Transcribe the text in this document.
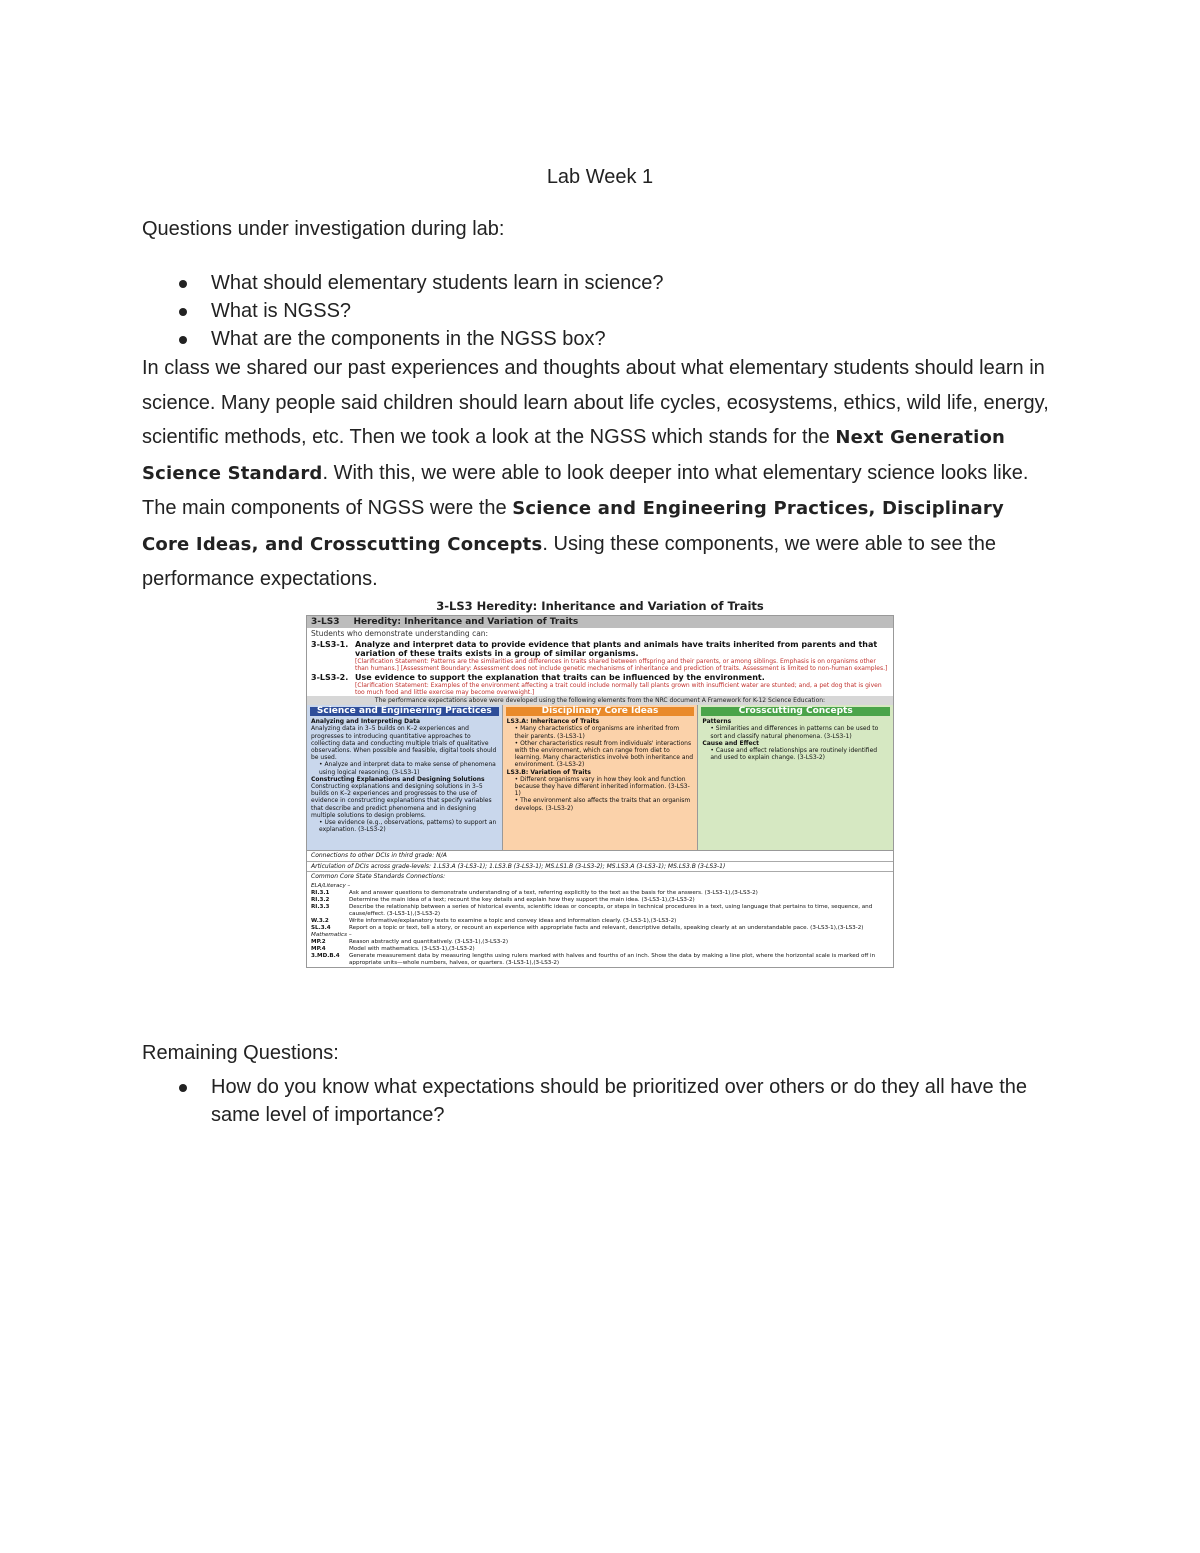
Lab Week 1
Questions under investigation during lab:
What should elementary students learn in science?
What is NGSS?
What are the components in the NGSS box?

In class we shared our past experiences and thoughts about what elementary students should learn in science. Many people said children should learn about life cycles, ecosystems, ethics, wild life, energy, scientific methods, etc. Then we took a look at the NGSS which stands for the Next Generation Science Standard. With this, we were able to look deeper into what elementary science looks like. The main components of NGSS were the Science and Engineering Practices, Disciplinary Core Ideas, and Crosscutting Concepts. Using these components, we were able to see the performance expectations.

3-LS3 Heredity: Inheritance and Variation of Traits
3-LS3 Heredity: Inheritance and Variation of Traits
Students who demonstrate understanding can:
3-LS3-1. Analyze and interpret data to provide evidence that plants and animals have traits inherited from parents and that variation of these traits exists in a group of similar organisms.
[Clarification Statement: Patterns are the similarities and differences in traits shared between offspring and their parents, or among siblings. Emphasis is on organisms other than humans.] [Assessment Boundary: Assessment does not include genetic mechanisms of inheritance and prediction of traits. Assessment is limited to non-human examples.]
3-LS3-2. Use evidence to support the explanation that traits can be influenced by the environment.
[Clarification Statement: Examples of the environment affecting a trait could include normally tall plants grown with insufficient water are stunted; and, a pet dog that is given too much food and little exercise may become overweight.]
The performance expectations above were developed using the following elements from the NRC document A Framework for K-12 Science Education:
Science and Engineering Practices
Analyzing and Interpreting Data
Analyzing data in 3–5 builds on K–2 experiences and progresses to introducing quantitative approaches to collecting data and conducting multiple trials of qualitative observations. When possible and feasible, digital tools should be used.
• Analyze and interpret data to make sense of phenomena using logical reasoning. (3-LS3-1)
Constructing Explanations and Designing Solutions
Constructing explanations and designing solutions in 3–5 builds on K–2 experiences and progresses to the use of evidence in constructing explanations that specify variables that describe and predict phenomena and in designing multiple solutions to design problems.
• Use evidence (e.g., observations, patterns) to support an explanation. (3-LS3-2)
Disciplinary Core Ideas
LS3.A: Inheritance of Traits
• Many characteristics of organisms are inherited from their parents. (3-LS3-1)
• Other characteristics result from individuals' interactions with the environment, which can range from diet to learning. Many characteristics involve both inheritance and environment. (3-LS3-2)
LS3.B: Variation of Traits
• Different organisms vary in how they look and function because they have different inherited information. (3-LS3-1)
• The environment also affects the traits that an organism develops. (3-LS3-2)
Crosscutting Concepts
Patterns
• Similarities and differences in patterns can be used to sort and classify natural phenomena. (3-LS3-1)
Cause and Effect
• Cause and effect relationships are routinely identified and used to explain change. (3-LS3-2)
Connections to other DCIs in third grade: N/A
Articulation of DCIs across grade-levels: 1.LS3.A (3-LS3-1); 1.LS3.B (3-LS3-1); MS.LS1.B (3-LS3-2); MS.LS3.A (3-LS3-1); MS.LS3.B (3-LS3-1)
Common Core State Standards Connections:
ELA/Literacy –
RI.3.1	Ask and answer questions to demonstrate understanding of a text, referring explicitly to the text as the basis for the answers. (3-LS3-1),(3-LS3-2)
RI.3.2	Determine the main idea of a text; recount the key details and explain how they support the main idea. (3-LS3-1),(3-LS3-2)
RI.3.3	Describe the relationship between a series of historical events, scientific ideas or concepts, or steps in technical procedures in a text, using language that pertains to time, sequence, and cause/effect. (3-LS3-1),(3-LS3-2)
W.3.2	Write informative/explanatory texts to examine a topic and convey ideas and information clearly. (3-LS3-1),(3-LS3-2)
SL.3.4	Report on a topic or text, tell a story, or recount an experience with appropriate facts and relevant, descriptive details, speaking clearly at an understandable pace. (3-LS3-1),(3-LS3-2)
Mathematics –
MP.2	Reason abstractly and quantitatively. (3-LS3-1),(3-LS3-2)
MP.4	Model with mathematics. (3-LS3-1),(3-LS3-2)
3.MD.B.4	Generate measurement data by measuring lengths using rulers marked with halves and fourths of an inch. Show the data by making a line plot, where the horizontal scale is marked off in appropriate units—whole numbers, halves, or quarters. (3-LS3-1),(3-LS3-2)
Remaining Questions:
How do you know what expectations should be prioritized over others or do they all have the same level of importance?
